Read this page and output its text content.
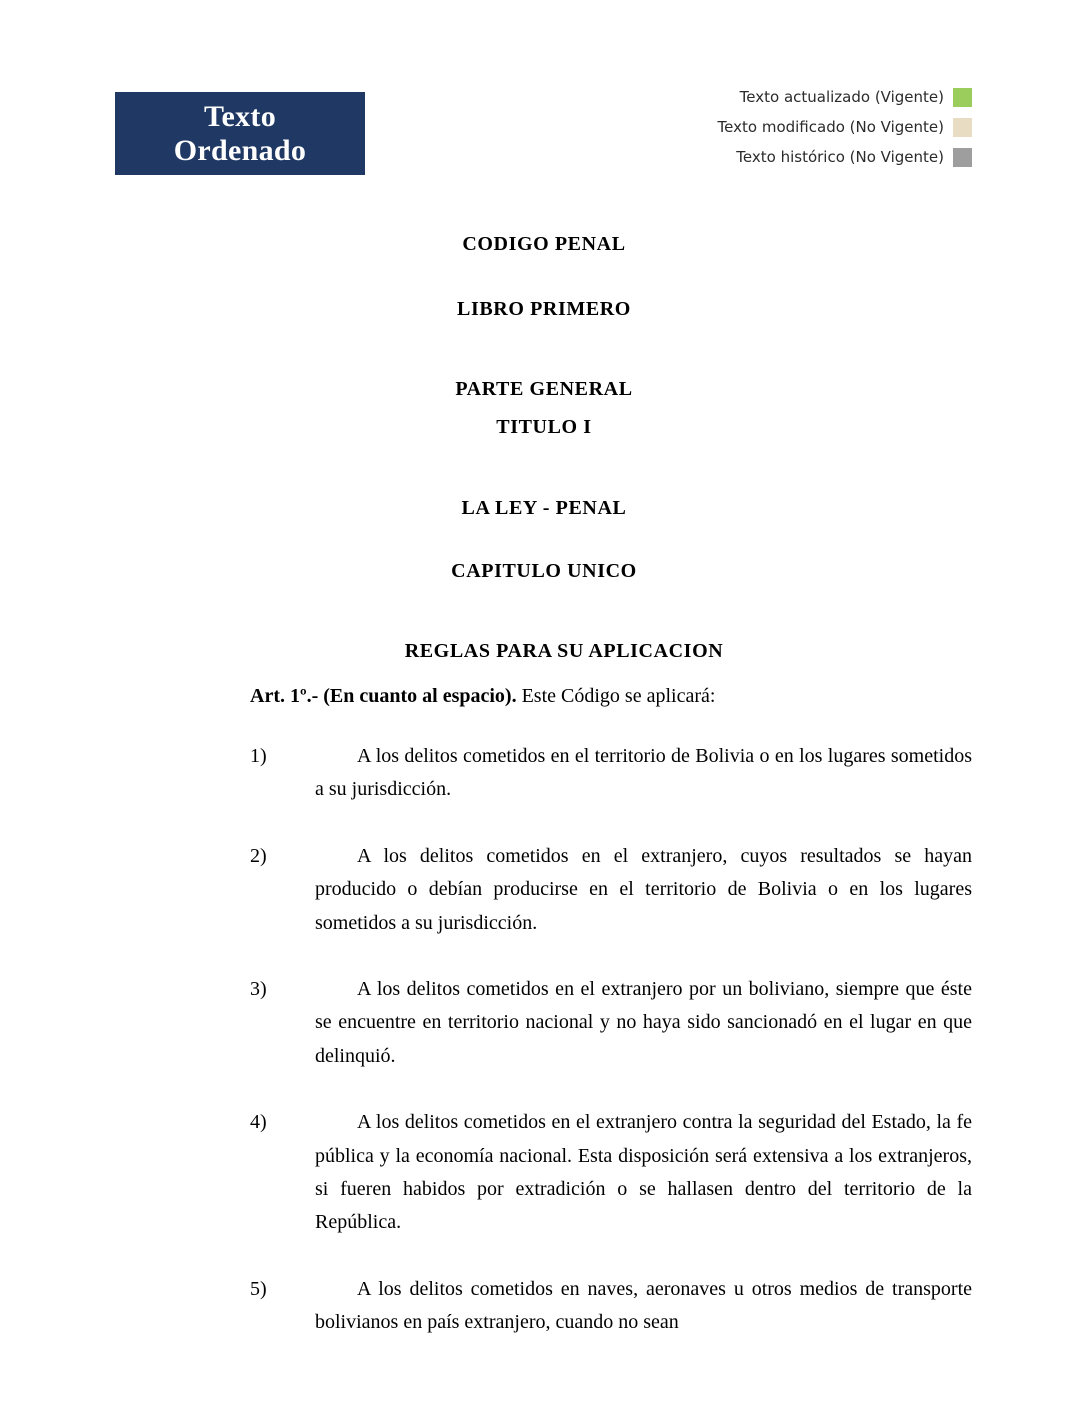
Texto
Ordenado
Texto actualizado (Vigente)
Texto modificado (No Vigente)
Texto histórico (No Vigente)

CODIGO PENAL

LIBRO PRIMERO

PARTE GENERAL

TITULO I

LA LEY - PENAL

CAPITULO UNICO

REGLAS PARA SU APLICACION

Art. 1º.- (En cuanto al espacio). Este Código se aplicará:

1)	A los delitos cometidos en el territorio de Bolivia o en los lugares sometidos a su jurisdicción.
2)	A los delitos cometidos en el extranjero, cuyos resultados se hayan producido o debían producirse en el territorio de Bolivia o en los lugares sometidos a su jurisdicción.
3)	A los delitos cometidos en el extranjero por un boliviano, siempre que éste se encuentre en territorio nacional y no haya sido sancionadó en el lugar en que delinquió.
4)	A los delitos cometidos en el extranjero contra la seguridad del Estado, la fe pública y la economía nacional. Esta disposición será extensiva a los extranjeros, si fueren habidos por extradición o se hallasen dentro del territorio de la República.
5)	A los delitos cometidos en naves, aeronaves u otros medios de transporte bolivianos en país extranjero, cuando no sean
